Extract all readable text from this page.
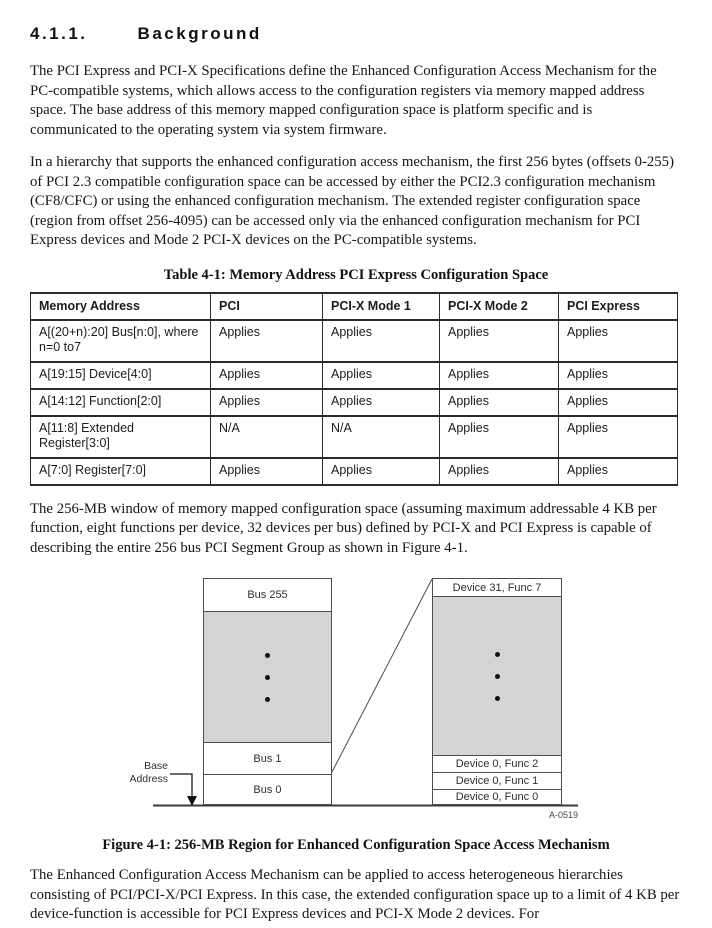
4.1.1.	Background

The PCI Express and PCI-X Specifications define the Enhanced Configuration Access Mechanism for the PC-compatible systems, which allows access to the configuration registers via memory mapped address space. The base address of this memory mapped configuration space is platform specific and is communicated to the operating system via system firmware.

In a hierarchy that supports the enhanced configuration access mechanism, the first 256 bytes (offsets 0-255) of PCI 2.3 compatible configuration space can be accessed by either the PCI2.3 configuration mechanism (CF8/CFC) or using the enhanced configuration mechanism. The extended register configuration space (region from offset 256-4095) can be accessed only via the enhanced configuration mechanism for PCI Express devices and Mode 2 PCI-X devices on the PC-compatible systems.

Table 4-1: Memory Address PCI Express Configuration Space
Memory Address	PCI	PCI-X Mode 1	PCI-X Mode 2	PCI Express
A[(20+n):20] Bus[n:0], where n=0 to7	Applies	Applies	Applies	Applies
A[19:15] Device[4:0]	Applies	Applies	Applies	Applies
A[14:12] Function[2:0]	Applies	Applies	Applies	Applies
A[11:8] Extended Register[3:0]	N/A	N/A	Applies	Applies
A[7:0] Register[7:0]	Applies	Applies	Applies	Applies

The 256-MB window of memory mapped configuration space (assuming maximum addressable 4 KB per function, eight functions per device, 32 devices per bus) defined by PCI-X and PCI Express is capable of describing the entire 256 bus PCI Segment Group as shown in Figure 4-1.

Bus 255
Bus 1
Bus 0
Device 31, Func 7
Device 0, Func 2
Device 0, Func 1
Device 0, Func 0
Base
Address
A-0519
Figure 4-1: 256-MB Region for Enhanced Configuration Space Access Mechanism

The Enhanced Configuration Access Mechanism can be applied to access heterogeneous hierarchies consisting of PCI/PCI-X/PCI Express. In this case, the extended configuration space up to a limit of 4 KB per device-function is accessible for PCI Express devices and PCI-X Mode 2 devices. For
